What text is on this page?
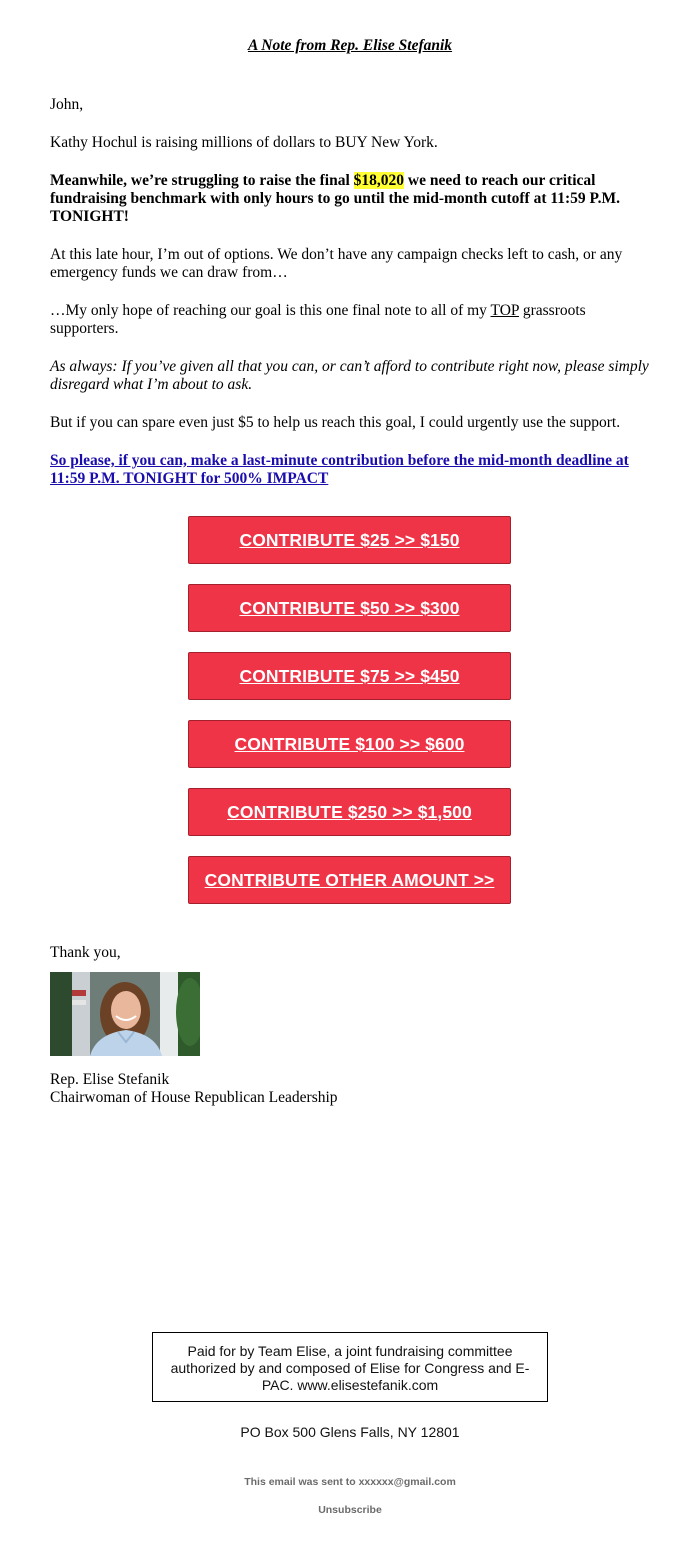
A Note from Rep. Elise Stefanik

John,

Kathy Hochul is raising millions of dollars to BUY New York.

Meanwhile, we’re struggling to raise the final $18,020 we need to reach our critical fundraising benchmark with only hours to go until the mid-month cutoff at 11:59 P.M. TONIGHT!

At this late hour, I’m out of options. We don’t have any campaign checks left to cash, or any emergency funds we can draw from…

…My only hope of reaching our goal is this one final note to all of my TOP grassroots supporters.

As always: If you’ve given all that you can, or can’t afford to contribute right now, please simply disregard what I’m about to ask.

But if you can spare even just $5 to help us reach this goal, I could urgently use the support.

So please, if you can, make a last-minute contribution before the mid-month deadline at 11:59 P.M. TONIGHT for 500% IMPACT
CONTRIBUTE $25 >> $150
CONTRIBUTE $50 >> $300
CONTRIBUTE $75 >> $450
CONTRIBUTE $100 >> $600
CONTRIBUTE $250 >> $1,500
CONTRIBUTE OTHER AMOUNT >>
Thank you,
Rep. Elise Stefanik
Chairwoman of House Republican Leadership
Paid for by Team Elise, a joint fundraising committee authorized by and composed of Elise for Congress and E-PAC. www.elisestefanik.com
PO Box 500 Glens Falls, NY 12801
This email was sent to xxxxxx@gmail.com
Unsubscribe
